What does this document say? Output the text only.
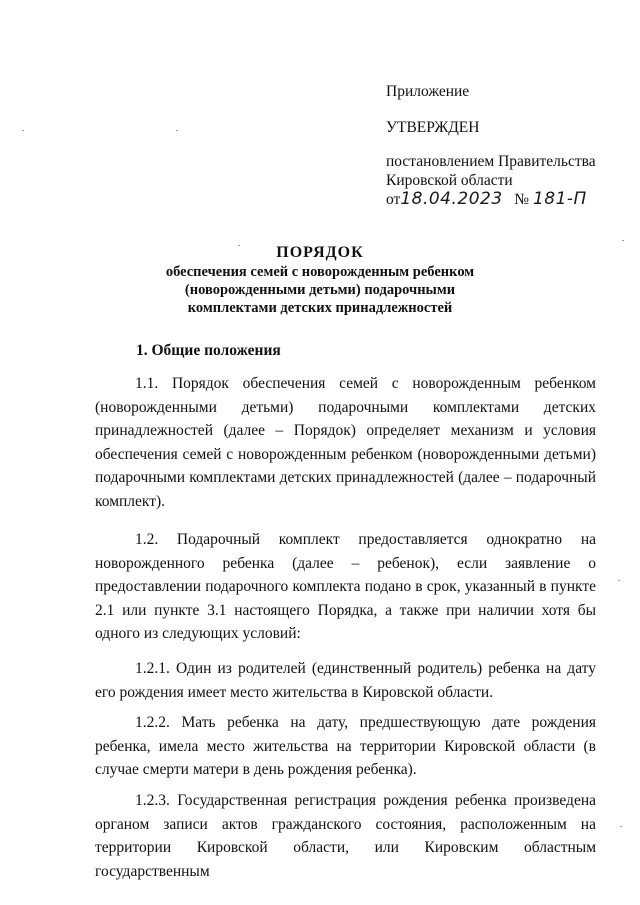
Приложение
УТВЕРЖДЕН
постановлением Правительства
Кировской области
от18.04.2023 № 181-П
ПОРЯДОК
обеспечения семей с новорожденным ребенком
(новорожденными детьми) подарочными
комплектами детских принадлежностей
1. Общие положения

1.1. Порядок обеспечения семей с новорожденным ребенком (новорожденными детьми) подарочными комплектами детских принадлежностей (далее – Порядок) определяет механизм и условия обеспечения семей с новорожденным ребенком (новорожденными детьми) подарочными комплектами детских принадлежностей (далее – подарочный комплект).

1.2. Подарочный комплект предоставляется однократно на новорожденного ребенка (далее – ребенок), если заявление о предоставлении подарочного комплекта подано в срок, указанный в пункте 2.1 или пункте 3.1 настоящего Порядка, а также при наличии хотя бы одного из следующих условий:

1.2.1. Один из родителей (единственный родитель) ребенка на дату его рождения имеет место жительства в Кировской области.

1.2.2. Мать ребенка на дату, предшествующую дате рождения ребенка, имела место жительства на территории Кировской области (в случае смерти матери в день рождения ребенка).

1.2.3. Государственная регистрация рождения ребенка произведена органом записи актов гражданского состояния, расположенным на территории Кировской области, или Кировским областным государственным
